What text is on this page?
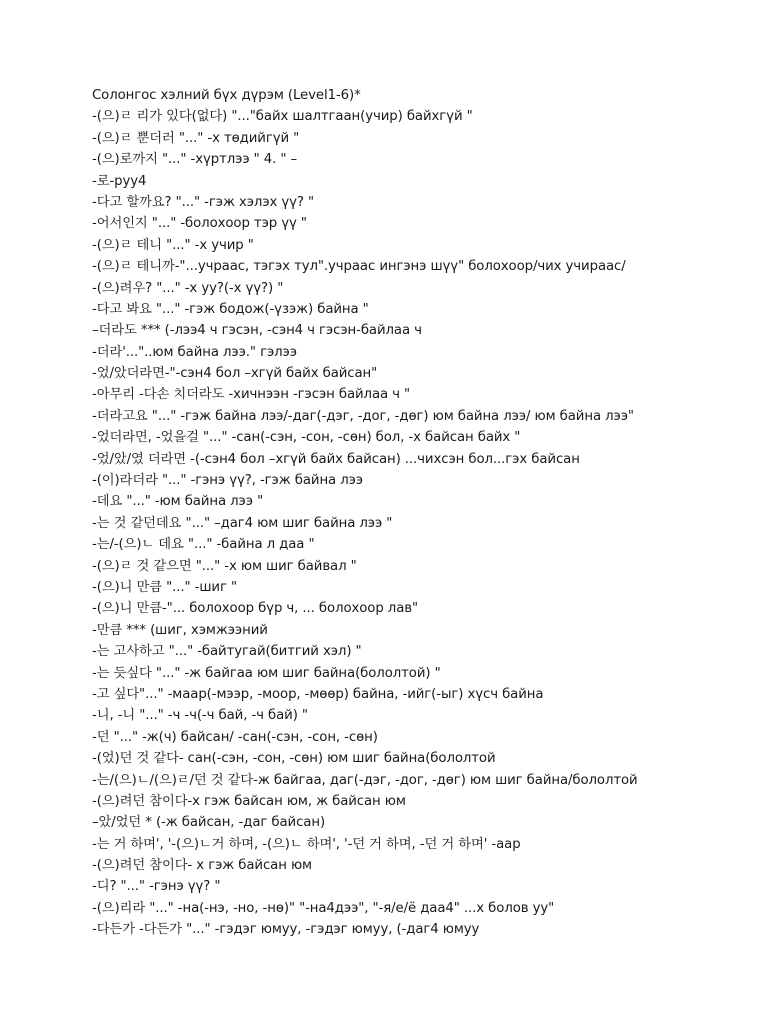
Солонгос хэлний бүх дүрэм (Level1-6)*
-(으)ㄹ 리가 있다(없다) "..."байх шалтгаан(учир) байхгүй "
-(으)ㄹ 뿐더러 "..." -х төдийгүй "
-(으)로까지 "..." -хүртлээ " 4. " –
-로-руу4
-다고 할까요? "..." -гэж хэлэх үү? "
-어서인지 "..." -болохоор тэр үү "
-(으)ㄹ 테니 "..." -х учир "
-(으)ㄹ 테니까-"...учраас, тэгэх тул".учраас ингэнэ шүү" болохоор/чих учираас/
-(으)려우? "..." -х уу?(-х үү?) "
-다고 봐요 "..." -гэж бодож(-үзэж) байна "
–더라도 *** (-лээ4 ч гэсэн, -сэн4 ч гэсэн-байлаа ч
-더라'..."..юм байна лээ." гэлээ
-었/았더라면-"-сэн4 бол –хгүй байх байсан"
-아무리 -다손 치더라도 -хичнээн -гэсэн байлаа ч "
-더라고요 "..." -гэж байна лээ/-даг(-дэг, -дог, -дөг) юм байна лээ/ юм байна лээ"
-었더라면, -었을걸 "..." -сан(-сэн, -сон, -сөн) бол, -х байсан байх "
-었/았/였 더라면 -(-сэн4 бол –хгүй байх байсан) ...чихсэн бол...гэх байсан
-(이)라더라 "..." -гэнэ үү?, -гэж байна лээ
-데요 "..." -юм байна лээ "
-는 것 같던데요 "..." –даг4 юм шиг байна лээ "
-는/-(으)ㄴ 데요 "..." -байна л даа "
-(으)ㄹ 것 같으면 "..." -х юм шиг байвал "
-(으)니 만큼 "..." -шиг "
-(으)니 만큼-"... болохоор бүр ч, ... болохоор лав"
-만큼 *** (шиг, хэмжээний
-는 고사하고 "..." -байтугай(битгий хэл) "
-는 듯싶다 "..." -ж байгаа юм шиг байна(бололтой) "
-고 싶다"..." -маар(-мээр, -моор, -мөөр) байна, -ийг(-ыг) хүсч байна
-니, -니 "..." -ч -ч(-ч бай, -ч бай) "
-던 "..." -ж(ч) байсан/ -сан(-сэн, -сон, -сөн)
-(었)던 것 같다- сан(-сэн, -сон, -сөн) юм шиг байна(бололтой
-는/(으)ㄴ/(으)ㄹ/던 것 같다-ж байгаа, даг(-дэг, -дог, -дөг) юм шиг байна/бололтой
-(으)려던 참이다-х гэж байсан юм, ж байсан юм
–았/었던 * (-ж байсан, -даг байсан)
-는 거 하며', '-(으)ㄴ거 하며, -(으)ㄴ 하며', '-던 거 하며, -던 거 하며' -аар
-(으)려던 참이다- х гэж байсан юм
-디? "..." -гэнэ үү? "
-(으)리라 "..." -на(-нэ, -но, -нө)" "-на4дээ", "-я/е/ё даа4" ...х болов уу"
-다든가 -다든가 "..." -гэдэг юмуу, -гэдэг юмуу, (-даг4 юмуу
